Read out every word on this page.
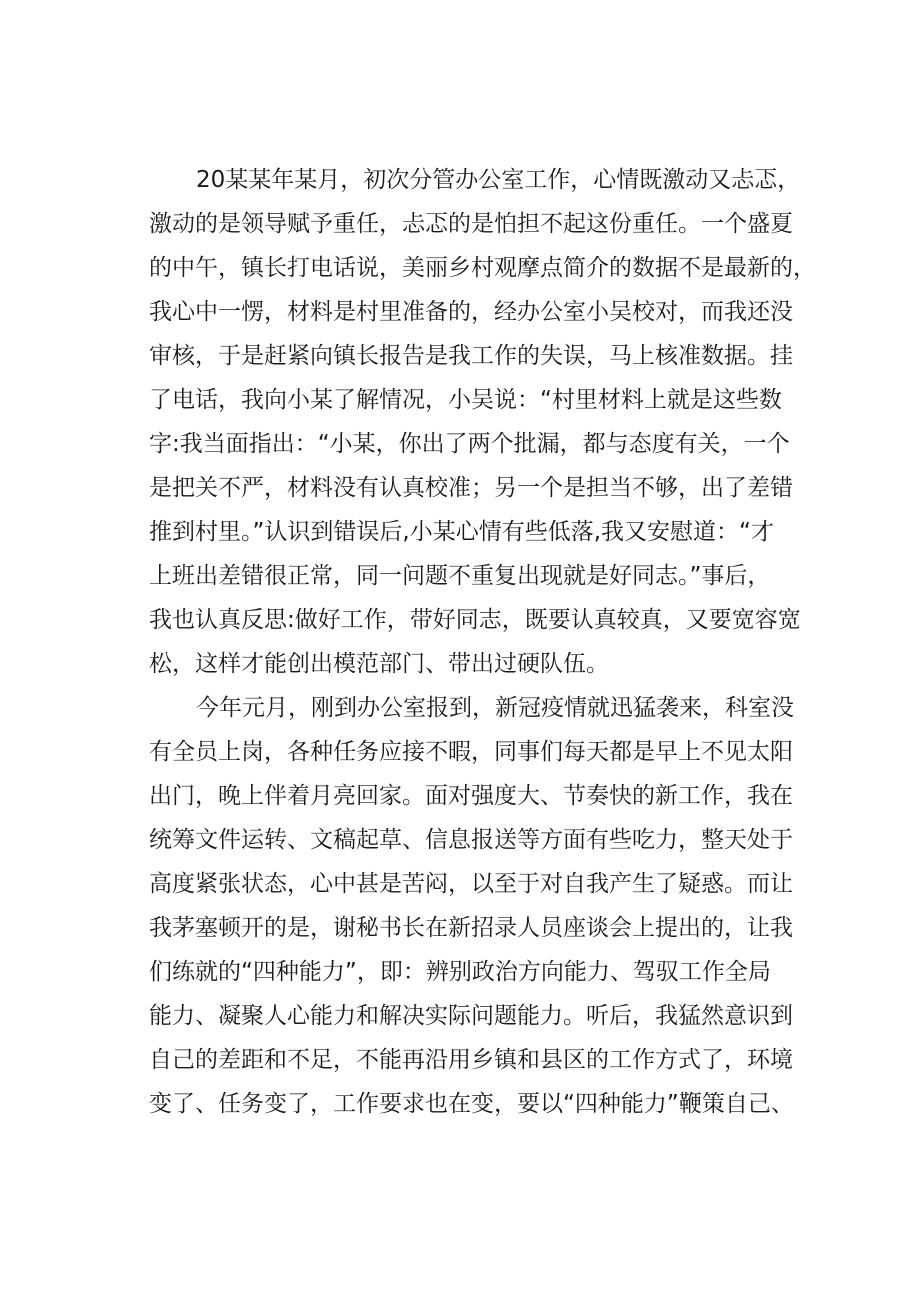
20某某年某月，初次分管办公室工作，心情既激动又忐忑，
激动的是领导赋予重任，忐忑的是怕担不起这份重任。一个盛夏
的中午，镇长打电话说，美丽乡村观摩点简介的数据不是最新的，
我心中一愣，材料是村里准备的，经办公室小吴校对，而我还没
审核，于是赶紧向镇长报告是我工作的失误，马上核准数据。挂
了电话，我向小某了解情况，小吴说：“村里材料上就是这些数
字:我当面指出：“小某，你出了两个批漏，都与态度有关，一个
是把关不严，材料没有认真校准；另一个是担当不够，出了差错
推到村里。”认识到错误后,小某心情有些低落,我又安慰道：“才
上班出差错很正常，同一问题不重复出现就是好同志。”事后，
我也认真反思:做好工作，带好同志，既要认真较真，又要宽容宽
松，这样才能创出模范部门、带出过硬队伍。
今年元月，刚到办公室报到，新冠疫情就迅猛袭来，科室没
有全员上岗，各种任务应接不暇，同事们每天都是早上不见太阳
出门，晚上伴着月亮回家。面对强度大、节奏快的新工作，我在
统筹文件运转、文稿起草、信息报送等方面有些吃力，整天处于
高度紧张状态，心中甚是苦闷，以至于对自我产生了疑惑。而让
我茅塞顿开的是，谢秘书长在新招录人员座谈会上提出的，让我
们练就的“四种能力”，即：辨别政治方向能力、驾驭工作全局
能力、凝聚人心能力和解决实际问题能力。听后，我猛然意识到
自己的差距和不足，不能再沿用乡镇和县区的工作方式了，环境
变了、任务变了，工作要求也在变，要以“四种能力”鞭策自己、
